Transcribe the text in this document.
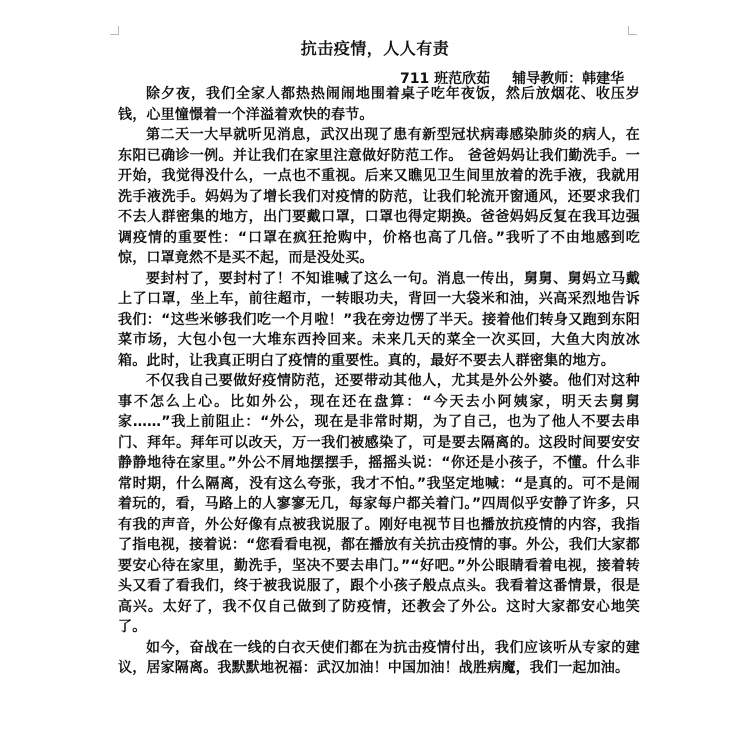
抗击疫情，人人有责
711 班范欣茹 辅导教师：韩建华

除夕夜，我们全家人都热热闹闹地围着桌子吃年夜饭，然后放烟花、收压岁钱，心里憧憬着一个洋溢着欢快的春节。

第二天一大早就听见消息，武汉出现了患有新型冠状病毒感染肺炎的病人，在东阳已确诊一例。并让我们在家里注意做好防范工作。 爸爸妈妈让我们勤洗手。一开始，我觉得没什么，一点也不重视。后来又瞧见卫生间里放着的洗手液，我就用洗手液洗手。妈妈为了增长我们对疫情的防范，让我们轮流开窗通风，还要求我们不去人群密集的地方，出门要戴口罩，口罩也得定期换。爸爸妈妈反复在我耳边强调疫情的重要性：“口罩在疯狂抢购中，价格也高了几倍。”我听了不由地感到吃惊，口罩竟然不是买不起，而是没处买。

要封村了，要封村了！不知谁喊了这么一句。消息一传出，舅舅、舅妈立马戴上了口罩，坐上车，前往超市，一转眼功夫，背回一大袋米和油，兴高采烈地告诉我们：“这些米够我们吃一个月啦！”我在旁边愣了半天。接着他们转身又跑到东阳菜市场，大包小包一大堆东西拎回来。未来几天的菜全一次买回，大鱼大肉放冰箱。此时，让我真正明白了疫情的重要性。真的，最好不要去人群密集的地方。

不仅我自己要做好疫情防范，还要带动其他人，尤其是外公外婆。他们对这种事不怎么上心。比如外公，现在还在盘算：“今天去小阿姨家，明天去舅舅家……”我上前阻止：“外公，现在是非常时期，为了自己，也为了他人不要去串门、拜年。拜年可以改天，万一我们被感染了，可是要去隔离的。这段时间要安安静静地待在家里。”外公不屑地摆摆手，摇摇头说：“你还是小孩子，不懂。什么非常时期，什么隔离，没有这么夸张，我才不怕。”我坚定地喊：“是真的。可不是闹着玩的，看，马路上的人寥寥无几，每家每户都关着门。”四周似乎安静了许多，只有我的声音，外公好像有点被我说服了。刚好电视节目也播放抗疫情的内容，我指了指电视，接着说：“您看看电视，都在播放有关抗击疫情的事。外公，我们大家都要安心待在家里，勤洗手，坚决不要去串门。”“好吧。”外公眼睛看着电视，接着转头又看了看我们，终于被我说服了，跟个小孩子般点点头。我看着这番情景，很是高兴。太好了，我不仅自己做到了防疫情，还教会了外公。这时大家都安心地笑了。

如今，奋战在一线的白衣天使们都在为抗击疫情付出，我们应该听从专家的建议，居家隔离。我默默地祝福：武汉加油！中国加油！战胜病魔，我们一起加油。
